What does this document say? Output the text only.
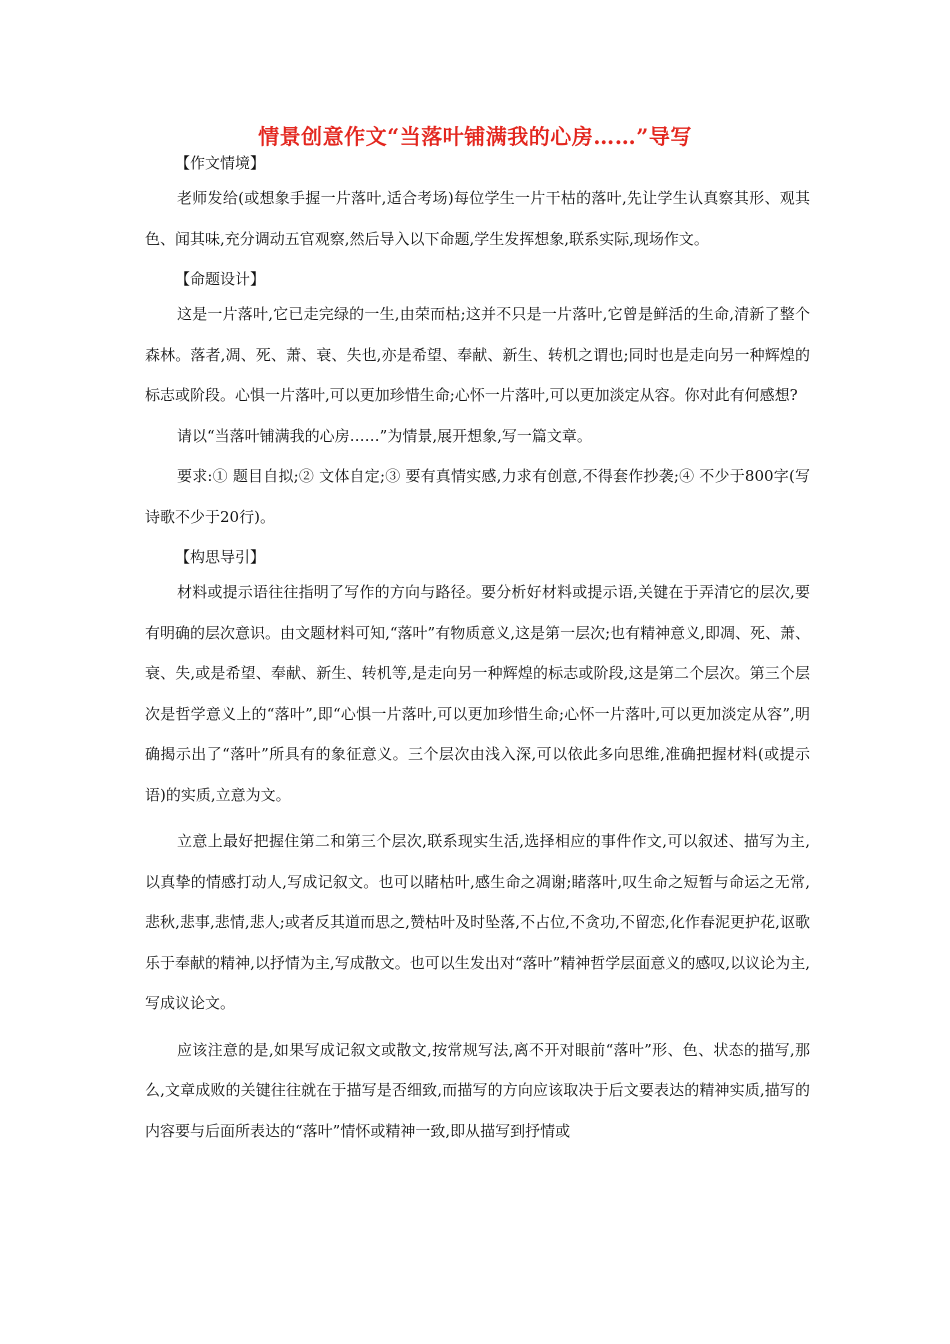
情景创意作文“当落叶铺满我的心房……”导写
【作文情境】

老师发给(或想象手握一片落叶,适合考场)每位学生一片干枯的落叶,先让学生认真察其形、观其色、闻其味,充分调动五官观察,然后导入以下命题,学生发挥想象,联系实际,现场作文。

【命题设计】

这是一片落叶,它已走完绿的一生,由荣而枯;这并不只是一片落叶,它曾是鲜活的生命,清新了整个森林。落者,凋、死、萧、衰、失也,亦是希望、奉献、新生、转机之谓也;同时也是走向另一种辉煌的标志或阶段。心惧一片落叶,可以更加珍惜生命;心怀一片落叶,可以更加淡定从容。你对此有何感想?

请以“当落叶铺满我的心房……”为情景,展开想象,写一篇文章。

要求:① 题目自拟;② 文体自定;③ 要有真情实感,力求有创意,不得套作抄袭;④ 不少于800字(写诗歌不少于20行)。

【构思导引】

材料或提示语往往指明了写作的方向与路径。要分析好材料或提示语,关键在于弄清它的层次,要有明确的层次意识。由文题材料可知,“落叶”有物质意义,这是第一层次;也有精神意义,即凋、死、萧、衰、失,或是希望、奉献、新生、转机等,是走向另一种辉煌的标志或阶段,这是第二个层次。第三个层次是哲学意义上的“落叶”,即“心惧一片落叶,可以更加珍惜生命;心怀一片落叶,可以更加淡定从容”,明确揭示出了“落叶”所具有的象征意义。三个层次由浅入深,可以依此多向思维,准确把握材料(或提示语)的实质,立意为文。

立意上最好把握住第二和第三个层次,联系现实生活,选择相应的事件作文,可以叙述、描写为主,以真挚的情感打动人,写成记叙文。也可以睹枯叶,感生命之凋谢;睹落叶,叹生命之短暂与命运之无常,悲秋,悲事,悲情,悲人;或者反其道而思之,赞枯叶及时坠落,不占位,不贪功,不留恋,化作春泥更护花,讴歌乐于奉献的精神,以抒情为主,写成散文。也可以生发出对“落叶”精神哲学层面意义的感叹,以议论为主,写成议论文。

应该注意的是,如果写成记叙文或散文,按常规写法,离不开对眼前“落叶”形、色、状态的描写,那么,文章成败的关键往往就在于描写是否细致,而描写的方向应该取决于后文要表达的精神实质,描写的内容要与后面所表达的“落叶”情怀或精神一致,即从描写到抒情或
